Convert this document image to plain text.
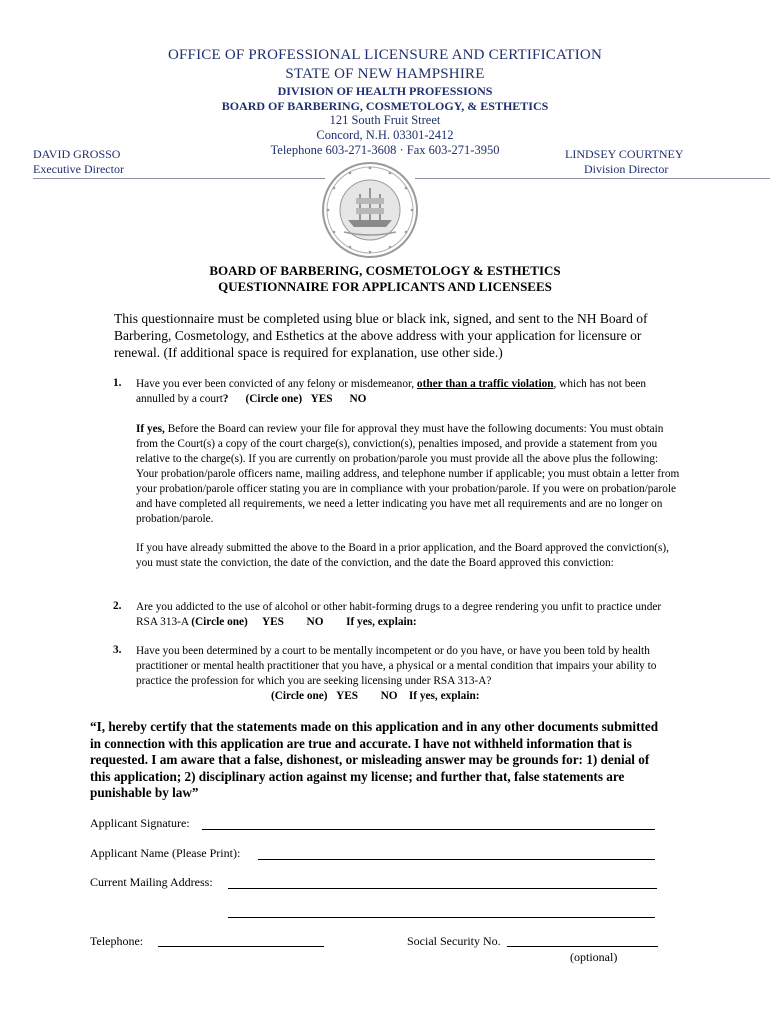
OFFICE OF PROFESSIONAL LICENSURE AND CERTIFICATION
STATE OF NEW HAMPSHIRE
DIVISION OF HEALTH PROFESSIONS
BOARD OF BARBERING, COSMETOLOGY, & ESTHETICS
121 South Fruit Street
Concord, N.H. 03301-2412
Telephone 603-271-3608 · Fax 603-271-3950
DAVID GROSSO
Executive Director
LINDSEY COURTNEY
Division Director
BOARD OF BARBERING, COSMETOLOGY & ESTHETICS
QUESTIONNAIRE FOR APPLICANTS AND LICENSEES
This questionnaire must be completed using blue or black ink, signed, and sent to the NH Board of Barbering, Cosmetology, and Esthetics at the above address with your application for licensure or renewal. (If additional space is required for explanation, use other side.)
1. Have you ever been convicted of any felony or misdemeanor, other than a traffic violation, which has not been annulled by a court? (Circle one) YES NO
If yes, Before the Board can review your file for approval they must have the following documents: You must obtain from the Court(s) a copy of the court charge(s), conviction(s), penalties imposed, and provide a statement from you relative to the charge(s). If you are currently on probation/parole you must provide all the above plus the following: Your probation/parole officers name, mailing address, and telephone number if applicable; you must obtain a letter from your probation/parole officer stating you are in compliance with your probation/parole. If you were on probation/parole and have completed all requirements, we need a letter indicating you have met all requirements and are no longer on probation/parole.
If you have already submitted the above to the Board in a prior application, and the Board approved the conviction(s), you must state the conviction, the date of the conviction, and the date the Board approved this conviction:
2. Are you addicted to the use of alcohol or other habit-forming drugs to a degree rendering you unfit to practice under RSA 313-A (Circle one) YES NO If yes, explain:
3. Have you been determined by a court to be mentally incompetent or do you have, or have you been told by health practitioner or mental health practitioner that you have, a physical or a mental condition that impairs your ability to practice the profession for which you are seeking licensing under RSA 313-A?
(Circle one) YES NO If yes, explain:
“I, hereby certify that the statements made on this application and in any other documents submitted in connection with this application are true and accurate. I have not withheld information that is requested. I am aware that a false, dishonest, or misleading answer may be grounds for: 1) denial of this application; 2) disciplinary action against my license; and further that, false statements are punishable by law”
Applicant Signature:
Applicant Name (Please Print):
Current Mailing Address:
Telephone:	Social Security No.
(optional)
